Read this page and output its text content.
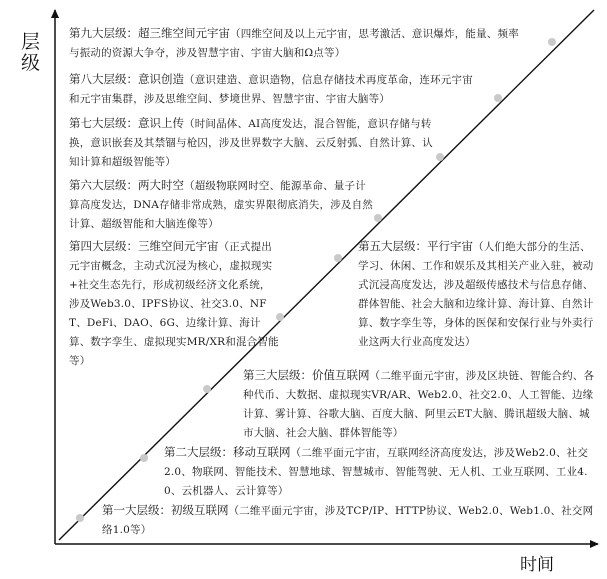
层级
时间
第九大层级：超三维空间元宇宙（四维空间及以上元宇宙，思考激活、意识爆炸，能量、频率与振动的资源大争夺，涉及智慧宇宙、宇宙大脑和Ω点等）
第八大层级：意识创造（意识建造、意识造物，信息存储技术再度革命，连环元宇宙和元宇宙集群，涉及思维空间、梦境世界、智慧宇宙、宇宙大脑等）
第七大层级：意识上传（时间晶体、AI高度发达，混合智能，意识存储与转换，意识嵌套及其禁锢与枪囚，涉及世界数字大脑、云反射弧、自然计算、认知计算和超级智能等）
第六大层级：两大时空（超级物联网时空、能源革命、量子计算高度发达，DNA存储非常成熟，虚实界限彻底消失，涉及自然计算、超级智能和大脑连像等）
第四大层级：三维空间元宇宙（正式提出元宇宙概念，主动式沉浸为核心，虚拟现实+社交生态先行，形成初级经济文化系统，涉及Web3.0、IPFS协议、社交3.0、NFT、DeFi、DAO、6G、边缘计算、海计算、数字孪生、虚拟现实MR/XR和混合智能等）
第五大层级：平行宇宙（人们绝大部分的生活、学习、休闲、工作和娱乐及其相关产业入驻，被动式沉浸高度发达，涉及超级传感技术与信息存储、群体智能、社会大脑和边缘计算、海计算、自然计算、数字孪生等，身体的医保和安保行业与外卖行业这两大行业高度发达）
第三大层级：价值互联网（二维平面元宇宙，涉及区块链、智能合约、各种代币、大数据、虚拟现实VR/AR、Web2.0、社交2.0、人工智能、边缘计算、雾计算、谷歌大脑、百度大脑、阿里云ET大脑、腾讯超级大脑、城市大脑、社会大脑、群体智能等）
第二大层级：移动互联网（二维平面元宇宙，互联网经济高度发达，涉及Web2.0、社交2.0、物联网、智能技术、智慧地球、智慧城市、智能驾驶、无人机、工业互联网、工业4.0、云机器人、云计算等）
第一大层级：初级互联网（二维平面元宇宙，涉及TCP/IP、HTTP协议、Web2.0、Web1.0、社交网络1.0等）
